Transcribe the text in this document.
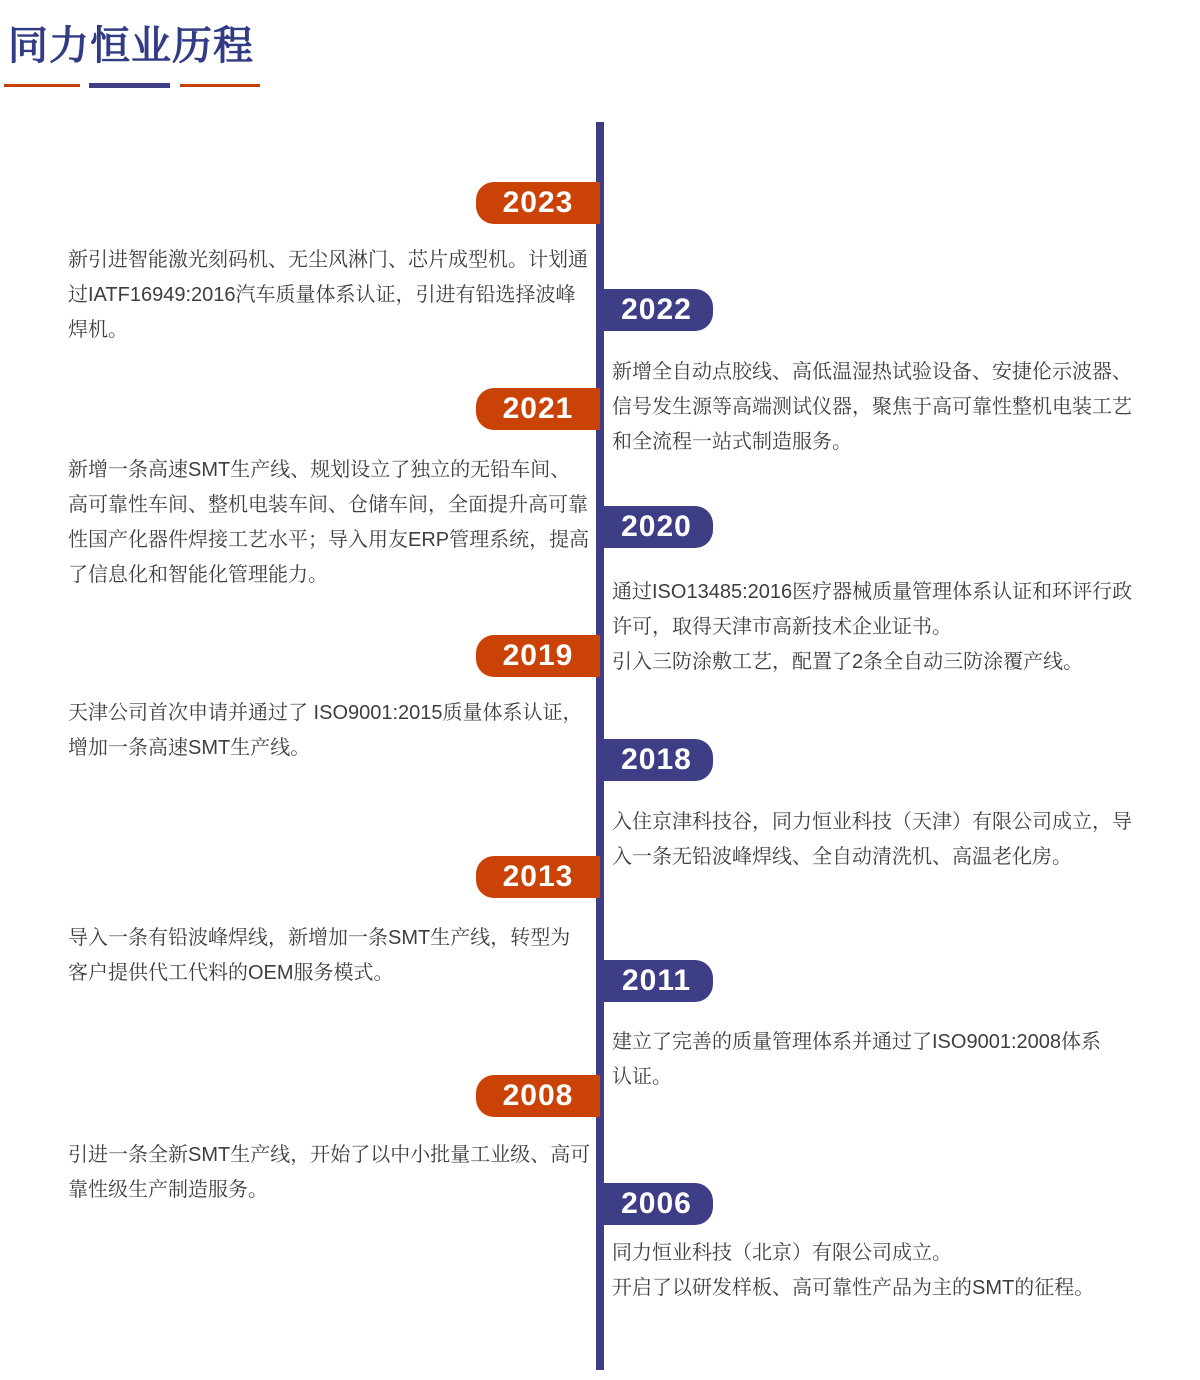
同力恒业历程
2023
新引进智能激光刻码机、无尘风淋门、芯片成型机。计划通
过IATF16949:2016汽车质量体系认证，引进有铅选择波峰
焊机。
2022
新增全自动点胶线、高低温湿热试验设备、安捷伦示波器、
信号发生源等高端测试仪器，聚焦于高可靠性整机电装工艺
和全流程一站式制造服务。
2021
新增一条高速SMT生产线、规划设立了独立的无铅车间、
高可靠性车间、整机电装车间、仓储车间，全面提升高可靠
性国产化器件焊接工艺水平；导入用友ERP管理系统，提高
了信息化和智能化管理能力。
2020
通过ISO13485:2016医疗器械质量管理体系认证和环评行政
许可，取得天津市高新技术企业证书。
引入三防涂敷工艺，配置了2条全自动三防涂覆产线。
2019
天津公司首次申请并通过了 ISO9001:2015质量体系认证，
增加一条高速SMT生产线。	2018
入住京津科技谷，同力恒业科技（天津）有限公司成立，导
入一条无铅波峰焊线、全自动清洗机、高温老化房。
2013
导入一条有铅波峰焊线，新增加一条SMT生产线，转型为
客户提供代工代料的OEM服务模式。	2011
建立了完善的质量管理体系并通过了ISO9001:2008体系
认证。
2008
引进一条全新SMT生产线，开始了以中小批量工业级、高可
靠性级生产制造服务。	2006
同力恒业科技（北京）有限公司成立。
开启了以研发样板、高可靠性产品为主的SMT的征程。
